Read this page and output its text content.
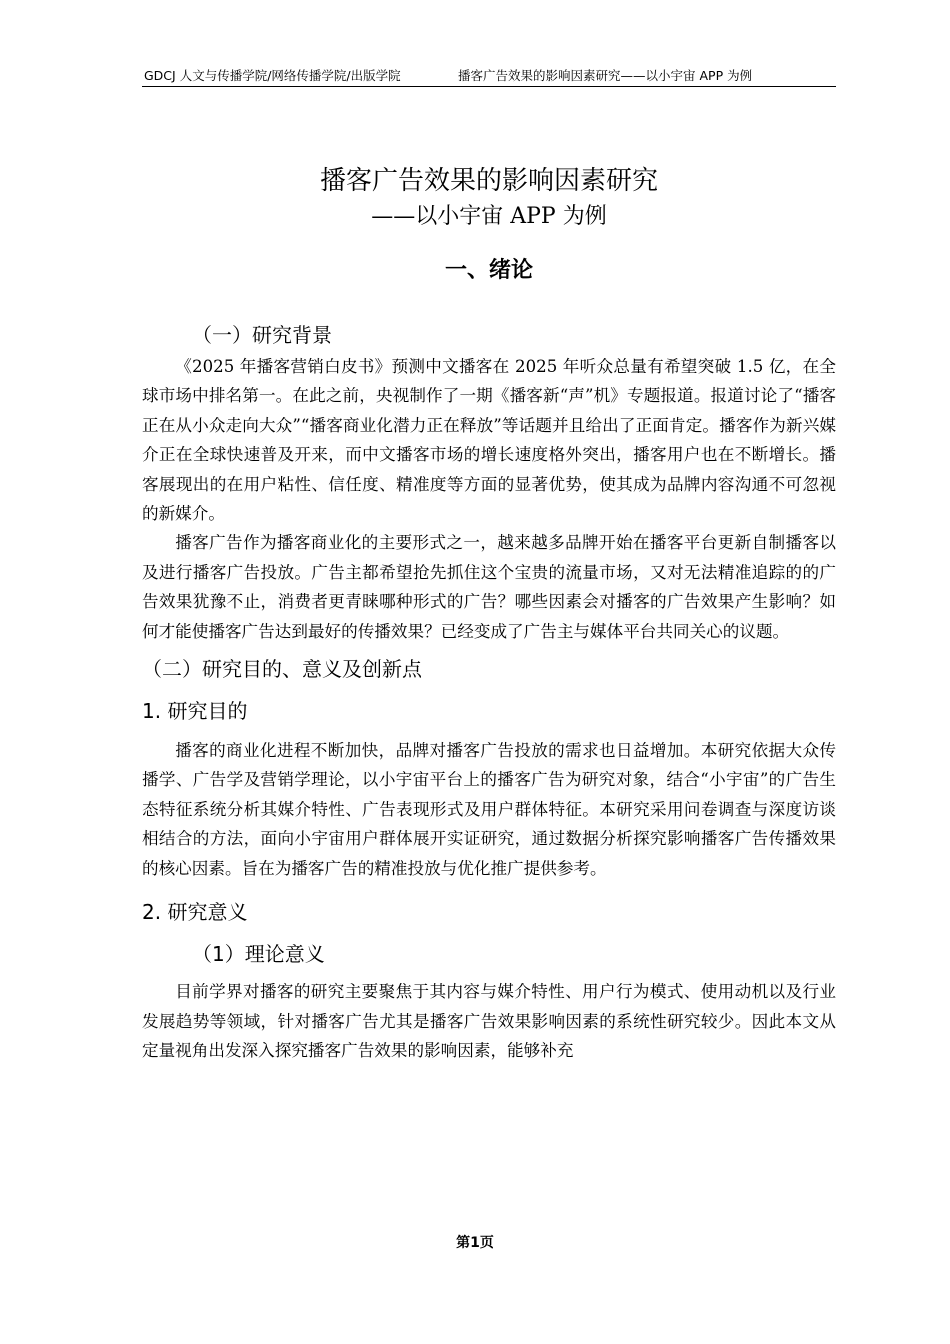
GDCJ 人文与传播学院/网络传播学院/出版学院	播客广告效果的影响因素研究——以小宇宙 APP 为例
播客广告效果的影响因素研究
——以小宇宙 APP 为例
一、绪论
（一）研究背景

《2025 年播客营销白皮书》预测中文播客在 2025 年听众总量有希望突破 1.5 亿，在全球市场中排名第一。在此之前，央视制作了一期《播客新“声”机》专题报道。报道讨论了“播客正在从小众走向大众”“播客商业化潜力正在释放”等话题并且给出了正面肯定。播客作为新兴媒介正在全球快速普及开来，而中文播客市场的增长速度格外突出，播客用户也在不断增长。播客展现出的在用户粘性、信任度、精准度等方面的显著优势，使其成为品牌内容沟通不可忽视的新媒介。

播客广告作为播客商业化的主要形式之一，越来越多品牌开始在播客平台更新自制播客以及进行播客广告投放。广告主都希望抢先抓住这个宝贵的流量市场，又对无法精准追踪的的广告效果犹豫不止，消费者更青睐哪种形式的广告？哪些因素会对播客的广告效果产生影响？如何才能使播客广告达到最好的传播效果？已经变成了广告主与媒体平台共同关心的议题。

（二）研究目的、意义及创新点
1. 研究目的

播客的商业化进程不断加快，品牌对播客广告投放的需求也日益增加。本研究依据大众传播学、广告学及营销学理论，以小宇宙平台上的播客广告为研究对象，结合“小宇宙”的广告生态特征系统分析其媒介特性、广告表现形式及用户群体特征。本研究采用问卷调查与深度访谈相结合的方法，面向小宇宙用户群体展开实证研究，通过数据分析探究影响播客广告传播效果的核心因素。旨在为播客广告的精准投放与优化推广提供参考。

2. 研究意义
（1）理论意义

目前学界对播客的研究主要聚焦于其内容与媒介特性、用户行为模式、使用动机以及行业发展趋势等领域，针对播客广告尤其是播客广告效果影响因素的系统性研究较少。因此本文从定量视角出发深入探究播客广告效果的影响因素，能够补充

第1页
